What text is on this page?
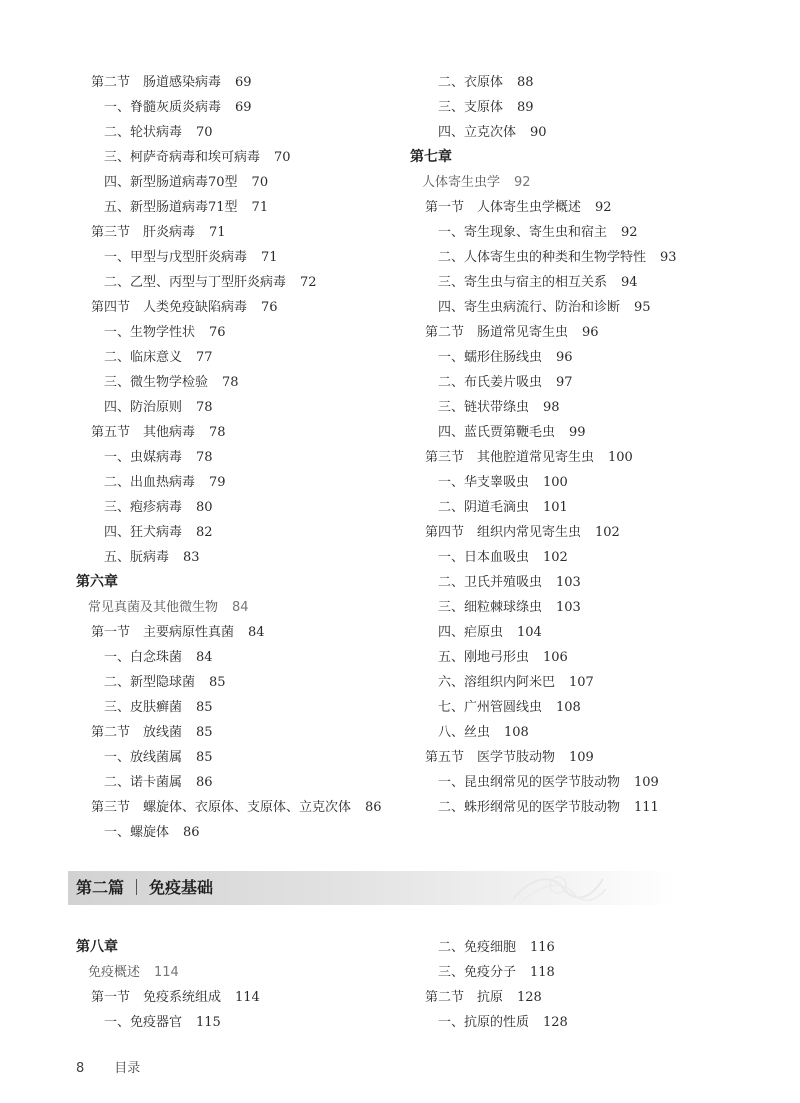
第二节　肠道感染病毒 69
一、脊髓灰质炎病毒 69
二、轮状病毒 70
三、柯萨奇病毒和埃可病毒 70
四、新型肠道病毒70型 70
五、新型肠道病毒71型 71
第三节　肝炎病毒 71
一、甲型与戊型肝炎病毒 71
二、乙型、丙型与丁型肝炎病毒 72
第四节　人类免疫缺陷病毒 76
一、生物学性状 76
二、临床意义 77
三、微生物学检验 78
四、防治原则 78
第五节　其他病毒 78
一、虫媒病毒 78
二、出血热病毒 79
三、疱疹病毒 80
四、狂犬病毒 82
五、朊病毒 83
第六章
常见真菌及其他微生物 84
第一节　主要病原性真菌 84
一、白念珠菌 84
二、新型隐球菌 85
三、皮肤癣菌 85
第二节　放线菌 85
一、放线菌属 85
二、诺卡菌属 86
第三节　螺旋体、衣原体、支原体、立克次体 86
一、螺旋体 86
二、衣原体 88
三、支原体 89
四、立克次体 90
第七章
人体寄生虫学 92
第一节　人体寄生虫学概述 92
一、寄生现象、寄生虫和宿主 92
二、人体寄生虫的种类和生物学特性 93
三、寄生虫与宿主的相互关系 94
四、寄生虫病流行、防治和诊断 95
第二节　肠道常见寄生虫 96
一、蠕形住肠线虫 96
二、布氏姜片吸虫 97
三、链状带绦虫 98
四、蓝氏贾第鞭毛虫 99
第三节　其他腔道常见寄生虫 100
一、华支睾吸虫 100
二、阴道毛滴虫 101
第四节　组织内常见寄生虫 102
一、日本血吸虫 102
二、卫氏并殖吸虫 103
三、细粒棘球绦虫 103
四、疟原虫 104
五、刚地弓形虫 106
六、溶组织内阿米巴 107
七、广州管圆线虫 108
八、丝虫 108
第五节　医学节肢动物 109
一、昆虫纲常见的医学节肢动物 109
二、蛛形纲常见的医学节肢动物 111
第二篇 免疫基础
第八章
免疫概述 114
第一节　免疫系统组成 114
一、免疫器官 115
二、免疫细胞 116
三、免疫分子 118
第二节　抗原 128
一、抗原的性质 128
8 目录
